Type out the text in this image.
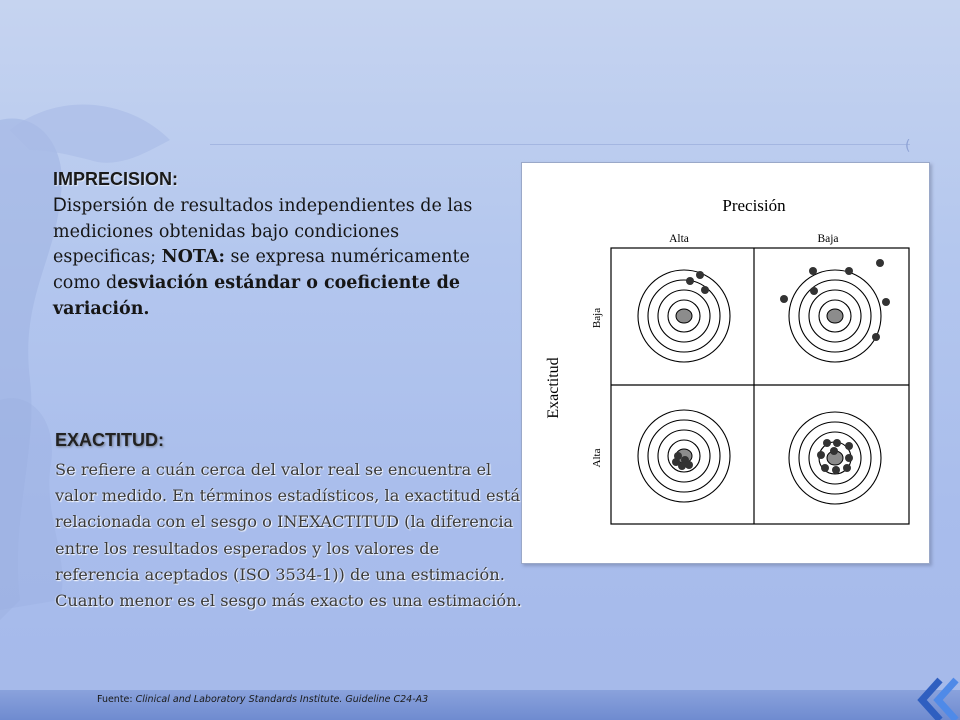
(
IMPRECISION:
Dispersión de resultados independientes de las mediciones obtenidas bajo condiciones especificas; NOTA: se expresa numéricamente como desviación estándar o coeficiente de variación.
EXACTITUD:
Se refiere a cuán cerca del valor real se encuentra el valor medido. En términos estadísticos, la exactitud está relacionada con el sesgo o INEXACTITUD (la diferencia entre los resultados esperados y los valores de referencia aceptados (ISO 3534-1)) de una estimación. Cuanto menor es el sesgo más exacto es una estimación.
Precisión
Alta	Baja
Exactitud
Baja
Alta
Fuente: Clinical and Laboratory Standards Institute. Guideline C24-A3
